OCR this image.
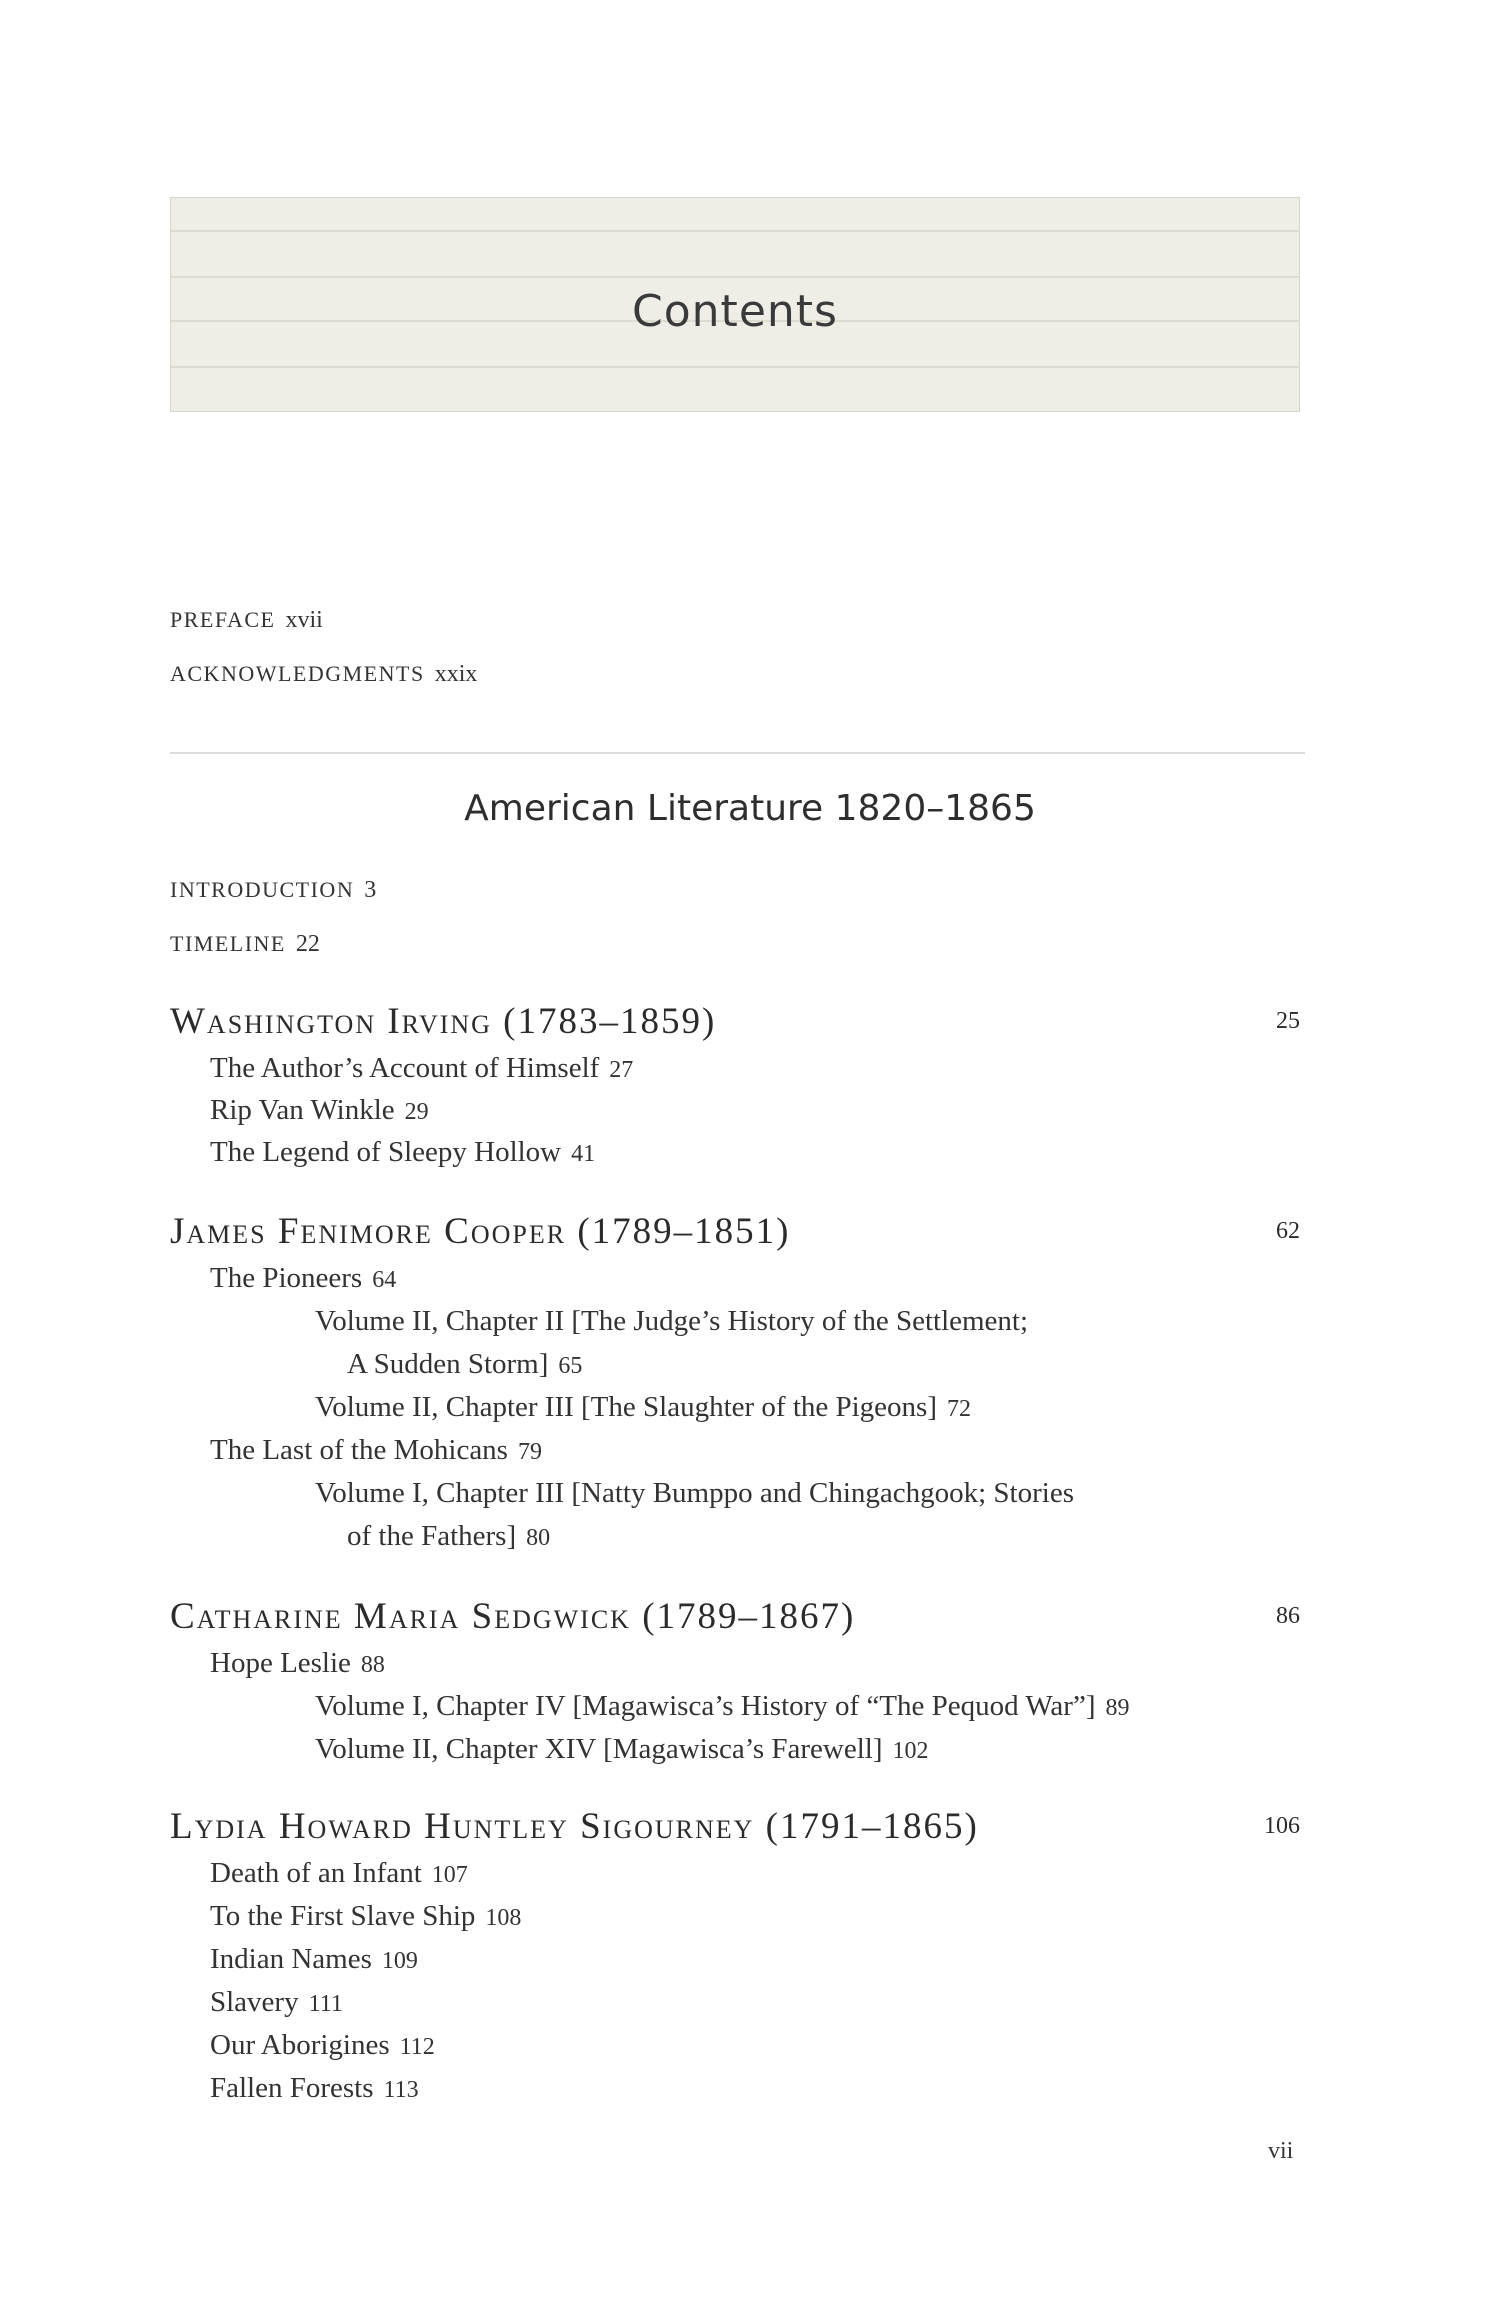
Contents
PREFACE xvii
ACKNOWLEDGMENTS xxix
American Literature 1820–1865
INTRODUCTION 3
TIMELINE 22
Washington Irving (1783–1859)	25
The Author’s Account of Himself 27
Rip Van Winkle 29
The Legend of Sleepy Hollow 41
James Fenimore Cooper (1789–1851)	62
The Pioneers 64
Volume II, Chapter II [The Judge’s History of the Settlement;
A Sudden Storm] 65
Volume II, Chapter III [The Slaughter of the Pigeons] 72
The Last of the Mohicans 79
Volume I, Chapter III [Natty Bumppo and Chingachgook; Stories
of the Fathers] 80
Catharine Maria Sedgwick (1789–1867)	86
Hope Leslie 88
Volume I, Chapter IV [Magawisca’s History of “The Pequod War”] 89
Volume II, Chapter XIV [Magawisca’s Farewell] 102
Lydia Howard Huntley Sigourney (1791–1865)	106
Death of an Infant 107
To the First Slave Ship 108
Indian Names 109
Slavery 111
Our Aborigines 112
Fallen Forests 113
vii
